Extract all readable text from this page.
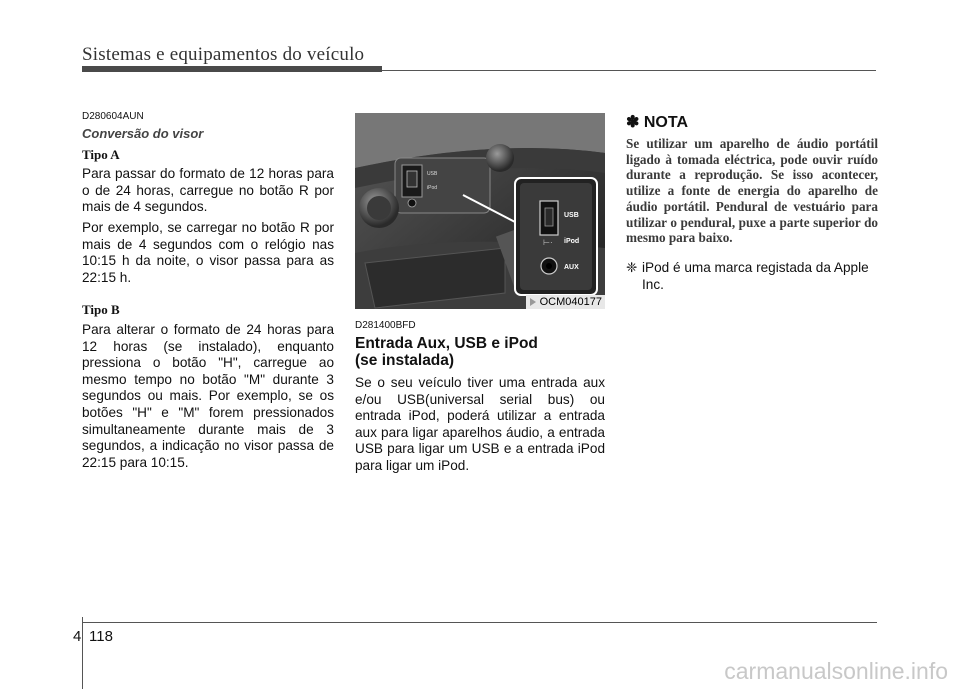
Sistemas e equipamentos do veículo
D280604AUN
Conversão do visor
Tipo A

Para passar do formato de 12 horas para o de 24 horas, carregue no botão R por mais de 4 segundos.

Por exemplo, se carregar no botão R por mais de 4 segundos com o relógio nas 10:15 h da noite, o visor passa para as 22:15 h.

Tipo B

Para alterar o formato de 24 horas para 12 horas (se instalado), enquanto pressiona o botão "H", carregue ao mesmo tempo no botão "M" durante 3 segundos ou mais. Por exemplo, se os botões "H" e "M" forem pressionados simultaneamente durante mais de 3 segundos, a indicação no visor passa de 22:15 para 10:15.

USB
iPod
⊢·
USB
iPod
AUX
OCM040177
D281400BFD
Entrada Aux, USB e iPod
(se instalada)

Se o seu veículo tiver uma entrada aux e/ou USB(universal serial bus) ou entrada iPod, poderá utilizar a entrada aux para ligar aparelhos áudio, a entrada USB para ligar um USB e a entrada iPod para ligar um iPod.

✽ NOTA

Se utilizar um aparelho de áudio portátil ligado à tomada eléctrica, pode ouvir ruído durante a reprodução. Se isso acontecer, utilize a fonte de energia do aparelho de áudio portátil. Pendural de vestuário para utilizar o pendural, puxe a parte superior do mesmo para baixo.

❈ iPod é uma marca registada da Apple Inc.
4 118
carmanualsonline.info
